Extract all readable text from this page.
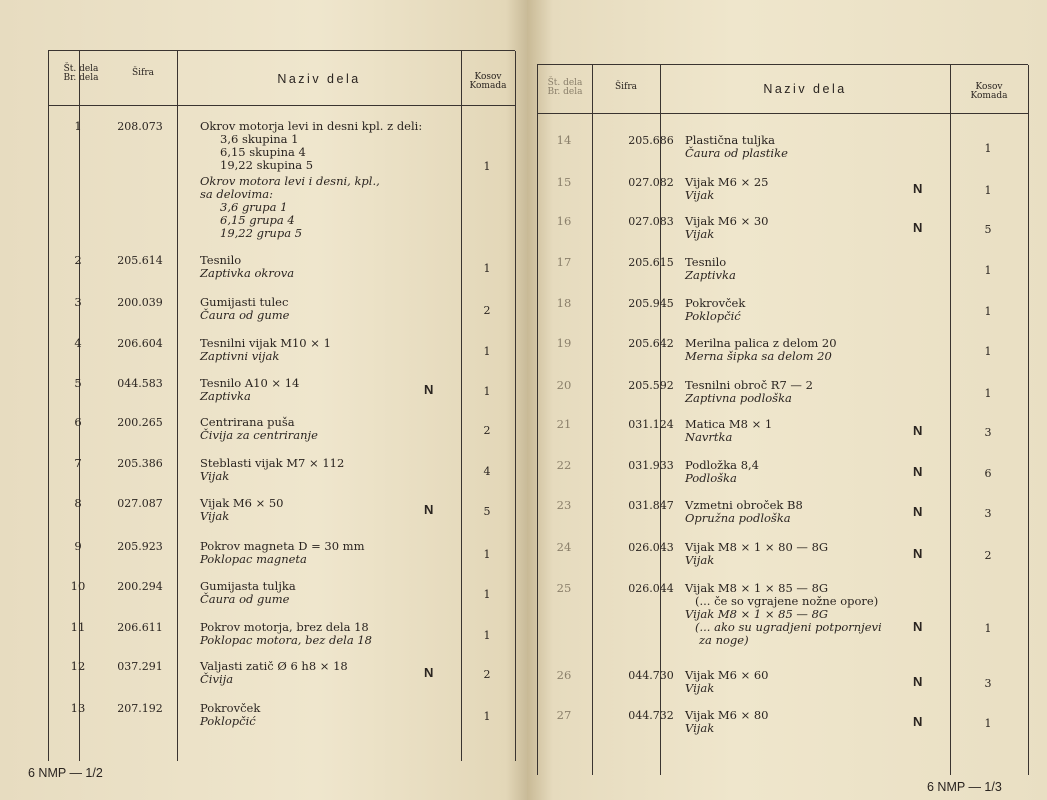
Št. dela
Br. dela
Šifra	Naziv dela	Kosov
Komada
1	208.073	Okrov motorja levi in desni kpl. z deli:
3,6 skupina 1
6,15 skupina 4
19,22 skupina 5
Okrov motora levi i desni, kpl.,
sa delovima:
3,6 grupa 1
6,15 grupa 4
19,22 grupa 5
1
2	205.614	Tesnilo
Zaptivka okrova	1
3	200.039	Gumijasti tulec
Čaura od gume	2
4	206.604	Tesnilni vijak M10 × 1
Zaptivni vijak	1
5	044.583	Tesnilo A10 × 14
Zaptivka	N	1
6	200.265	Centrirana puša
Čivija za centriranje	2
7	205.386	Steblasti vijak M7 × 112
Vijak	4
8	027.087	Vijak M6 × 50
Vijak	N	5
9	205.923	Pokrov magneta D = 30 mm
Poklopac magneta	1
10	200.294	Gumijasta tuljka
Čaura od gume	1
11	206.611	Pokrov motorja, brez dela 18
Poklopac motora, bez dela 18	1
12	037.291	Valjasti zatič Ø 6 h8 × 18
Čivija	N	2
13	207.192	Pokrovček
Poklopčić	1
6 NMP — 1/2
Št. dela
Br. dela
Šifra	Naziv dela	Kosov
Komada
14	205.686 Plastična tuljka
Čaura od plastike	1
15	027.082 Vijak M6 × 25
Vijak	N	1
16	027.083 Vijak M6 × 30
Vijak	N	5
17	205.615 Tesnilo
Zaptivka	1
18	205.945 Pokrovček
Poklopčić	1
19	205.642 Merilna palica z delom 20
Merna šipka sa delom 20	1
20	205.592 Tesnilni obroč R7 — 2
Zaptivna podloška	1
21	031.124 Matica M8 × 1
Navrtka	N	3
22	031.933 Podložka 8,4
Podloška	N	6
23	031.847 Vzmetni obroček B8
Opružna podloška	N	3
24	026.043 Vijak M8 × 1 × 80 — 8G
Vijak	N	2
25	026.044 Vijak M8 × 1 × 85 — 8G
(... če so vgrajene nožne opore)
Vijak M8 × 1 × 85 — 8G
(... ako su ugradjeni potpornjevi
za noge)
N	1
26	044.730 Vijak M6 × 60
Vijak	N	3
27	044.732 Vijak M6 × 80
Vijak	N	1
6 NMP — 1/3
